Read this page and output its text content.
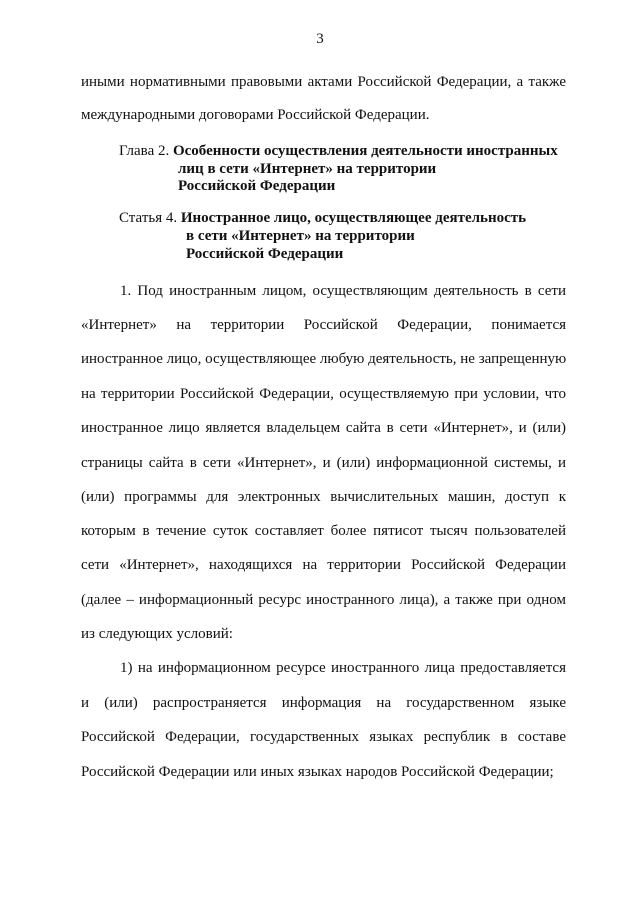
3
иными нормативными правовыми актами Российской Федерации, а также
международными договорами Российской Федерации.
Глава 2. Особенности осуществления деятельности иностранных
лиц в сети «Интернет» на территории
Российской Федерации
Статья 4. Иностранное лицо, осуществляющее деятельность
в сети «Интернет» на территории
Российской Федерации
1. Под иностранным лицом, осуществляющим деятельность в сети
«Интернет» на территории Российской Федерации, понимается
иностранное лицо, осуществляющее любую деятельность, не запрещенную
на территории Российской Федерации, осуществляемую при условии, что
иностранное лицо является владельцем сайта в сети «Интернет», и (или)
страницы сайта в сети «Интернет», и (или) информационной системы, и
(или) программы для электронных вычислительных машин, доступ к
которым в течение суток составляет более пятисот тысяч пользователей
сети «Интернет», находящихся на территории Российской Федерации
(далее – информационный ресурс иностранного лица), а также при одном
из следующих условий:
1) на информационном ресурсе иностранного лица предоставляется
и (или) распространяется информация на государственном языке
Российской Федерации, государственных языках республик в составе
Российской Федерации или иных языках народов Российской Федерации;
